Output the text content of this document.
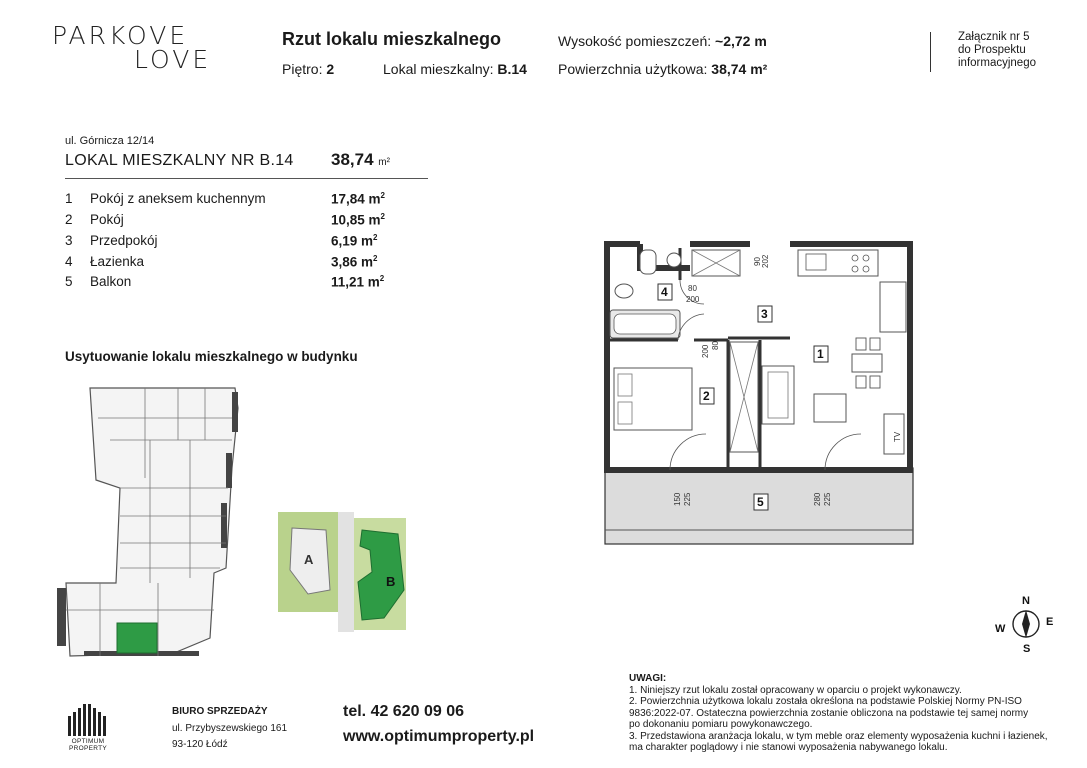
PARKOVE
LOVE
Rzut lokalu mieszkalnego
Piętro: 2	Lokal mieszkalny: B.14
Wysokość pomieszczeń: ~2,72 m
Powierzchnia użytkowa: 38,74 m²
Załącznik nr 5
do Prospektu
informacyjnego
ul. Górnicza 12/14
LOKAL MIESZKALNY NR B.14 38,74 m²
1 Pokój z aneksem kuchennym	17,84 $m^2$
2 Pokój	10,85 $m^2$
3 Przedpokój	6,19 $m^2$
4 Łazienka	3,86 $m^2$
5 Balkon	11,21 $m^2$
Usytuowanie lokalu mieszkalnego w budynku
A
B
4
3
1
2
5
90 202
80
200
80
200
150 225	280 225
TV
N
E
S
W
UWAGI:
1. Niniejszy rzut lokalu został opracowany w oparciu o projekt wykonawczy.
2. Powierzchnia użytkowa lokalu została określona na podstawie Polskiej Normy PN-ISO
9836:2022-07. Ostateczna powierzchnia zostanie obliczona na podstawie tej samej normy
po dokonaniu pomiaru powykonawczego.
3. Przedstawiona aranżacja lokalu, w tym meble oraz elementy wyposażenia kuchni i łazienek,
ma charakter poglądowy i nie stanowi wyposażenia nabywanego lokalu.
OPTIMUM PROPERTY
BIURO SPRZEDAŻY
ul. Przybyszewskiego 161
93-120 Łódź
tel. 42 620 09 06
www.optimumproperty.pl
